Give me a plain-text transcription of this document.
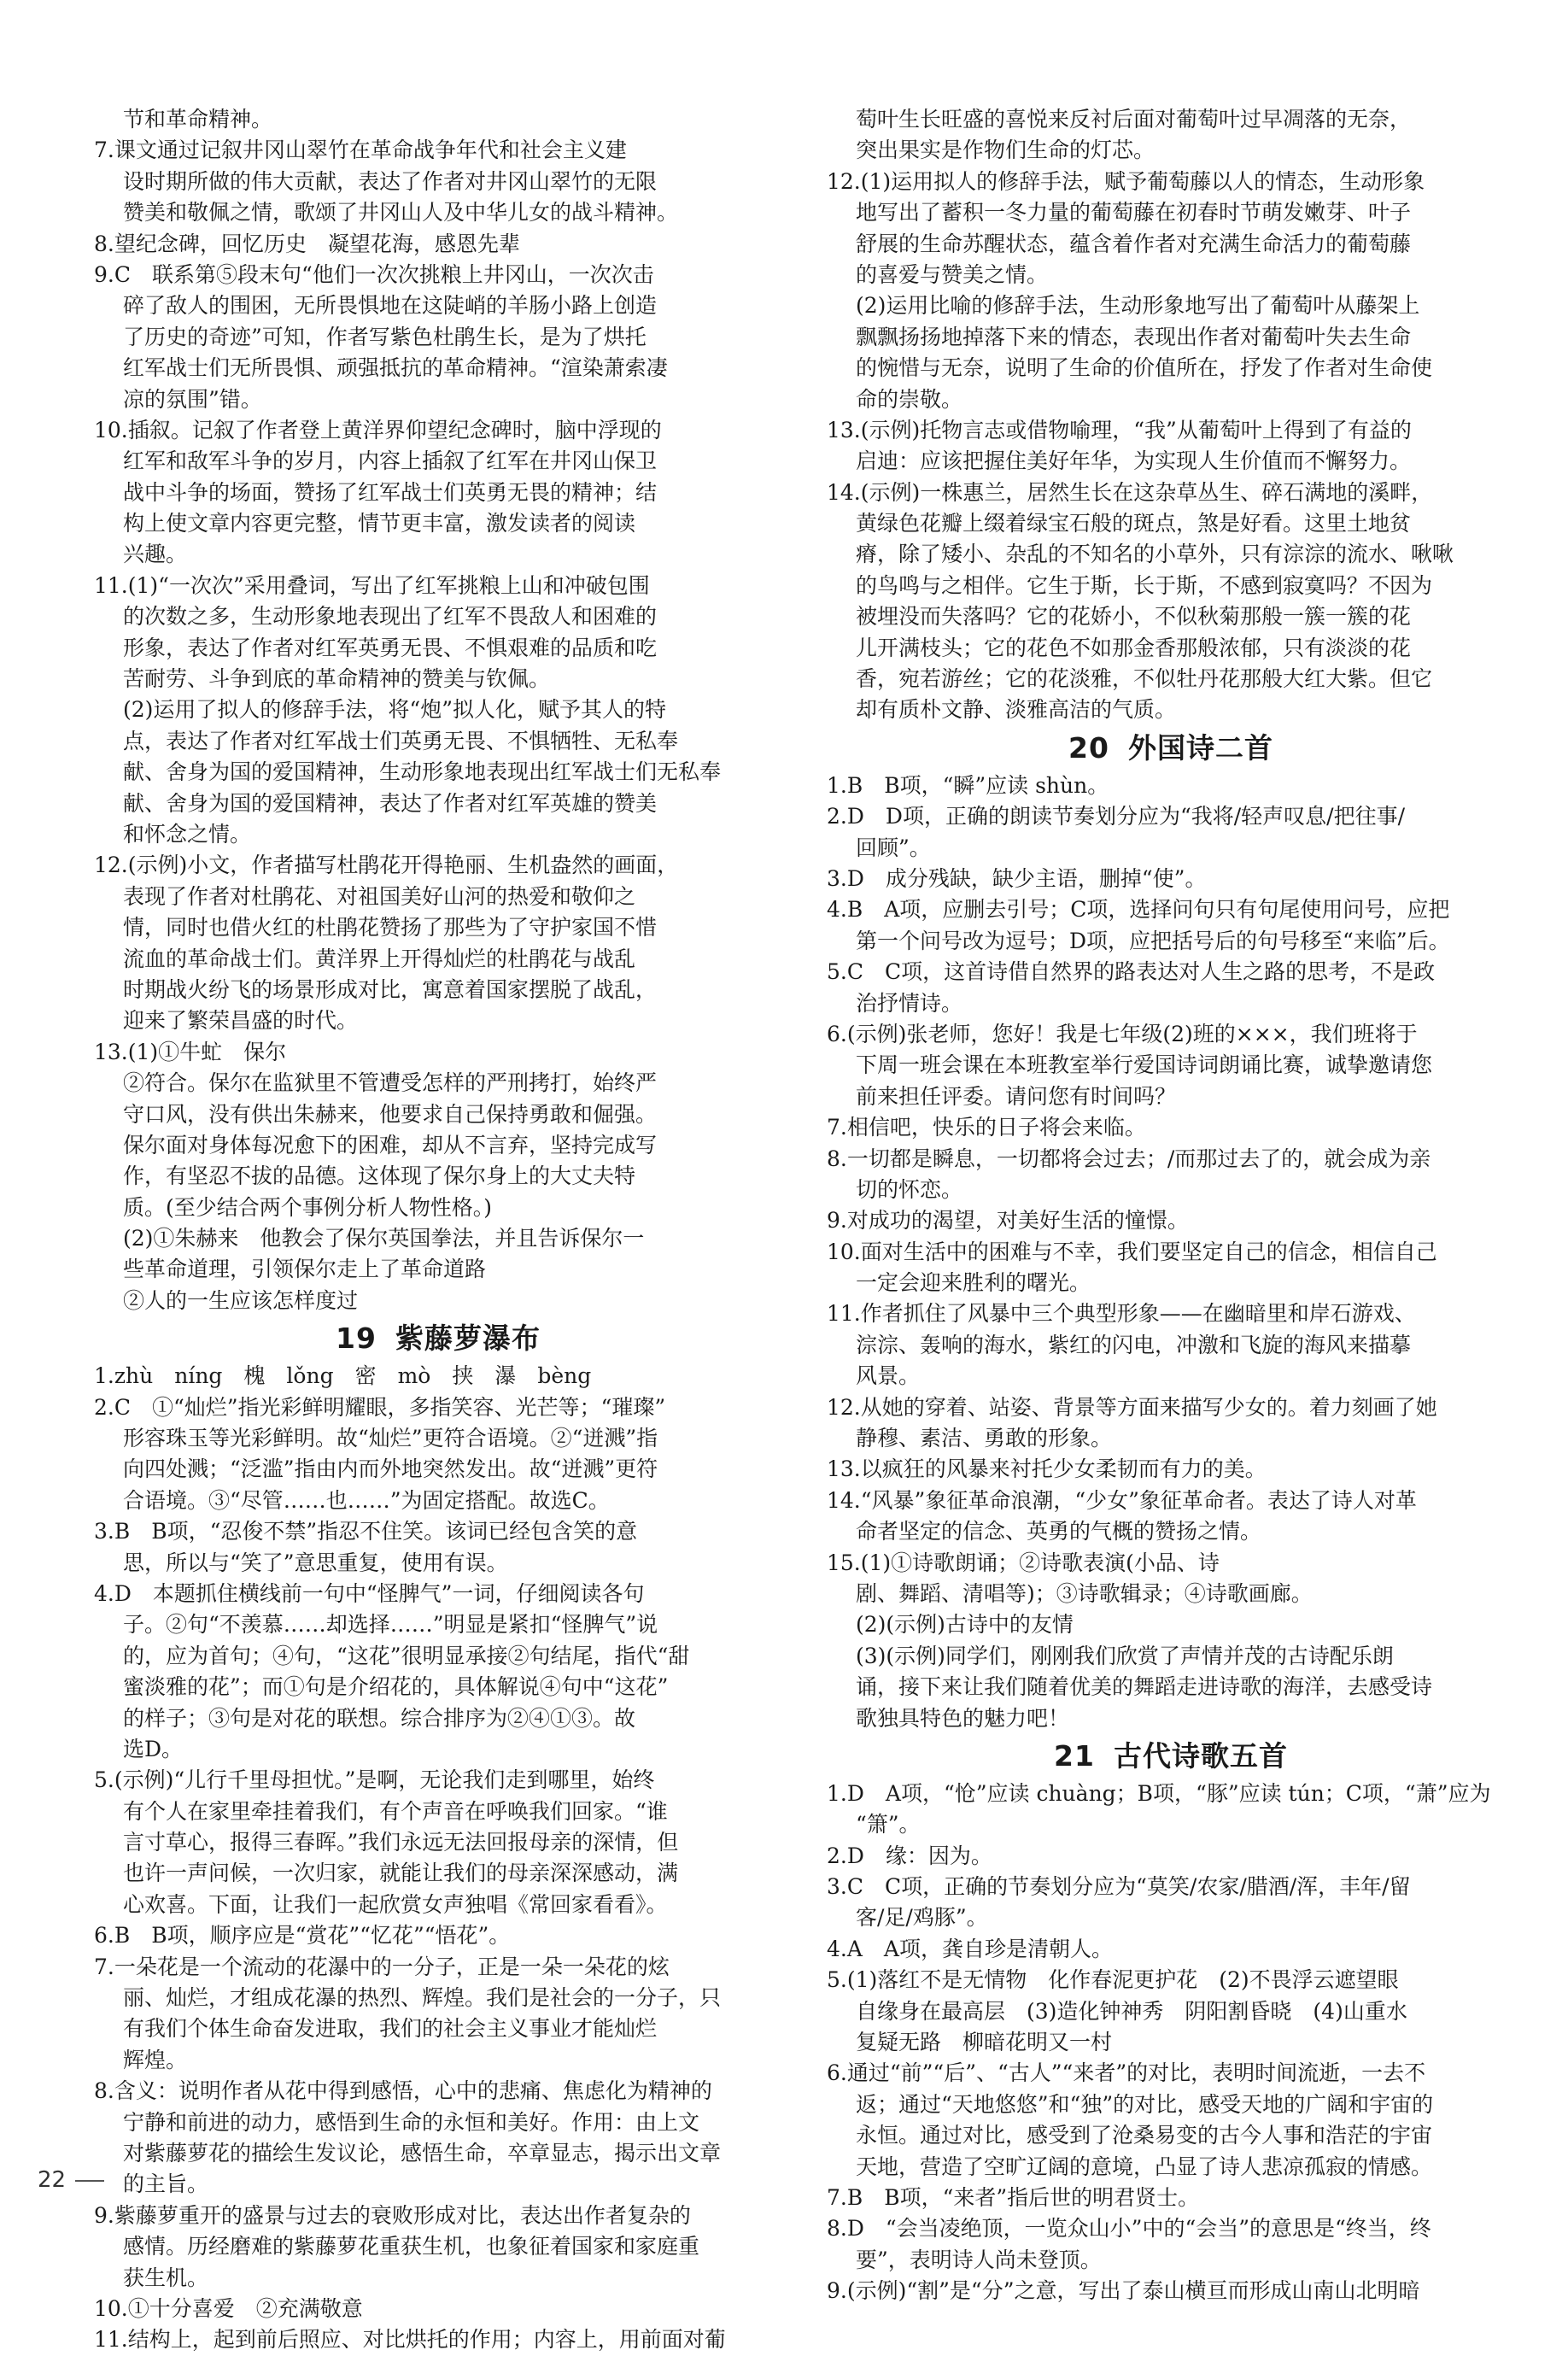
节和革命精神。
7.课文通过记叙井冈山翠竹在革命战争年代和社会主义建
设时期所做的伟大贡献，表达了作者对井冈山翠竹的无限
赞美和敬佩之情，歌颂了井冈山人及中华儿女的战斗精神。
8.望纪念碑，回忆历史　凝望花海，感恩先辈
9.C　联系第⑤段末句“他们一次次挑粮上井冈山，一次次击
碎了敌人的围困，无所畏惧地在这陡峭的羊肠小路上创造
了历史的奇迹”可知，作者写紫色杜鹃生长，是为了烘托
红军战士们无所畏惧、顽强抵抗的革命精神。“渲染萧索凄
凉的氛围”错。
10.插叙。记叙了作者登上黄洋界仰望纪念碑时，脑中浮现的
红军和敌军斗争的岁月，内容上插叙了红军在井冈山保卫
战中斗争的场面，赞扬了红军战士们英勇无畏的精神；结
构上使文章内容更完整，情节更丰富，激发读者的阅读
兴趣。
11.(1)“一次次”采用叠词，写出了红军挑粮上山和冲破包围
的次数之多，生动形象地表现出了红军不畏敌人和困难的
形象，表达了作者对红军英勇无畏、不惧艰难的品质和吃
苦耐劳、斗争到底的革命精神的赞美与钦佩。
(2)运用了拟人的修辞手法，将“炮”拟人化，赋予其人的特
点，表达了作者对红军战士们英勇无畏、不惧牺牲、无私奉
献、舍身为国的爱国精神，生动形象地表现出红军战士们无私奉
献、舍身为国的爱国精神，表达了作者对红军英雄的赞美
和怀念之情。
12.(示例)小文，作者描写杜鹃花开得艳丽、生机盎然的画面，
表现了作者对杜鹃花、对祖国美好山河的热爱和敬仰之
情，同时也借火红的杜鹃花赞扬了那些为了守护家国不惜
流血的革命战士们。黄洋界上开得灿烂的杜鹃花与战乱
时期战火纷飞的场景形成对比，寓意着国家摆脱了战乱，
迎来了繁荣昌盛的时代。
13.(1)①牛虻　保尔
②符合。保尔在监狱里不管遭受怎样的严刑拷打，始终严
守口风，没有供出朱赫来，他要求自己保持勇敢和倔强。
保尔面对身体每况愈下的困难，却从不言弃，坚持完成写
作，有坚忍不拔的品德。这体现了保尔身上的大丈夫特
质。(至少结合两个事例分析人物性格。)
(2)①朱赫来　他教会了保尔英国拳法，并且告诉保尔一
些革命道理，引领保尔走上了革命道路
②人的一生应该怎样度过
19 紫藤萝瀑布
1.zhù　níng　槐　lǒng　密　mò　挟　瀑　bèng
2.C　①“灿烂”指光彩鲜明耀眼，多指笑容、光芒等；“璀璨”
形容珠玉等光彩鲜明。故“灿烂”更符合语境。②“迸溅”指
向四处溅；“泛滥”指由内而外地突然发出。故“迸溅”更符
合语境。③“尽管……也……”为固定搭配。故选C。
3.B　B项，“忍俊不禁”指忍不住笑。该词已经包含笑的意
思，所以与“笑了”意思重复，使用有误。
4.D　本题抓住横线前一句中“怪脾气”一词，仔细阅读各句
子。②句“不羡慕……却选择……”明显是紧扣“怪脾气”说
的，应为首句；④句，“这花”很明显承接②句结尾，指代“甜
蜜淡雅的花”；而①句是介绍花的，具体解说④句中“这花”
的样子；③句是对花的联想。综合排序为②④①③。故
选D。
5.(示例)“儿行千里母担忧。”是啊，无论我们走到哪里，始终
有个人在家里牵挂着我们，有个声音在呼唤我们回家。“谁
言寸草心，报得三春晖。”我们永远无法回报母亲的深情，但
也许一声问候，一次归家，就能让我们的母亲深深感动，满
心欢喜。下面，让我们一起欣赏女声独唱《常回家看看》。
6.B　B项，顺序应是“赏花”“忆花”“悟花”。
7.一朵花是一个流动的花瀑中的一分子，正是一朵一朵花的炫
丽、灿烂，才组成花瀑的热烈、辉煌。我们是社会的一分子，只
有我们个体生命奋发进取，我们的社会主义事业才能灿烂
辉煌。
8.含义：说明作者从花中得到感悟，心中的悲痛、焦虑化为精神的
宁静和前进的动力，感悟到生命的永恒和美好。作用：由上文
对紫藤萝花的描绘生发议论，感悟生命，卒章显志，揭示出文章
的主旨。
9.紫藤萝重开的盛景与过去的衰败形成对比，表达出作者复杂的
感情。历经磨难的紫藤萝花重获生机，也象征着国家和家庭重
获生机。
10.①十分喜爱　②充满敬意
11.结构上，起到前后照应、对比烘托的作用；内容上，用前面对葡
萄叶生长旺盛的喜悦来反衬后面对葡萄叶过早凋落的无奈，
突出果实是作物们生命的灯芯。
12.(1)运用拟人的修辞手法，赋予葡萄藤以人的情态，生动形象
地写出了蓄积一冬力量的葡萄藤在初春时节萌发嫩芽、叶子
舒展的生命苏醒状态，蕴含着作者对充满生命活力的葡萄藤
的喜爱与赞美之情。
(2)运用比喻的修辞手法，生动形象地写出了葡萄叶从藤架上
飘飘扬扬地掉落下来的情态，表现出作者对葡萄叶失去生命
的惋惜与无奈，说明了生命的价值所在，抒发了作者对生命使
命的崇敬。
13.(示例)托物言志或借物喻理，“我”从葡萄叶上得到了有益的
启迪：应该把握住美好年华，为实现人生价值而不懈努力。
14.(示例)一株惠兰，居然生长在这杂草丛生、碎石满地的溪畔，
黄绿色花瓣上缀着绿宝石般的斑点，煞是好看。这里土地贫
瘠，除了矮小、杂乱的不知名的小草外，只有淙淙的流水、啾啾
的鸟鸣与之相伴。它生于斯，长于斯，不感到寂寞吗？不因为
被埋没而失落吗？它的花娇小，不似秋菊那般一簇一簇的花
儿开满枝头；它的花色不如那金香那般浓郁，只有淡淡的花
香，宛若游丝；它的花淡雅，不似牡丹花那般大红大紫。但它
却有质朴文静、淡雅高洁的气质。
20 外国诗二首
1.B　B项，“瞬”应读 shùn。
2.D　D项，正确的朗读节奏划分应为“我将/轻声叹息/把往事/
回顾”。
3.D　成分残缺，缺少主语，删掉“使”。
4.B　A项，应删去引号；C项，选择问句只有句尾使用问号，应把
第一个问号改为逗号；D项，应把括号后的句号移至“来临”后。
5.C　C项，这首诗借自然界的路表达对人生之路的思考，不是政
治抒情诗。
6.(示例)张老师，您好！我是七年级(2)班的×××，我们班将于
下周一班会课在本班教室举行爱国诗词朗诵比赛，诚挚邀请您
前来担任评委。请问您有时间吗？
7.相信吧，快乐的日子将会来临。
8.一切都是瞬息，一切都将会过去；/而那过去了的，就会成为亲
切的怀恋。
9.对成功的渴望，对美好生活的憧憬。
10.面对生活中的困难与不幸，我们要坚定自己的信念，相信自己
一定会迎来胜利的曙光。
11.作者抓住了风暴中三个典型形象——在幽暗里和岸石游戏、
淙淙、轰响的海水，紫红的闪电，冲激和飞旋的海风来描摹
风景。
12.从她的穿着、站姿、背景等方面来描写少女的。着力刻画了她
静穆、素洁、勇敢的形象。
13.以疯狂的风暴来衬托少女柔韧而有力的美。
14.“风暴”象征革命浪潮，“少女”象征革命者。表达了诗人对革
命者坚定的信念、英勇的气概的赞扬之情。
15.(1)①诗歌朗诵；②诗歌表演(小品、诗
剧、舞蹈、清唱等)；③诗歌辑录；④诗歌画廊。
(2)(示例)古诗中的友情
(3)(示例)同学们，刚刚我们欣赏了声情并茂的古诗配乐朗
诵，接下来让我们随着优美的舞蹈走进诗歌的海洋，去感受诗
歌独具特色的魅力吧！
21 古代诗歌五首
1.D　A项，“怆”应读 chuàng；B项，“豚”应读 tún；C项，“萧”应为
“箫”。
2.D　缘：因为。
3.C　C项，正确的节奏划分应为“莫笑/农家/腊酒/浑，丰年/留
客/足/鸡豚”。
4.A　A项，龚自珍是清朝人。
5.(1)落红不是无情物　化作春泥更护花　(2)不畏浮云遮望眼
自缘身在最高层　(3)造化钟神秀　阴阳割昏晓　(4)山重水
复疑无路　柳暗花明又一村
6.通过“前”“后”、“古人”“来者”的对比，表明时间流逝，一去不
返；通过“天地悠悠”和“独”的对比，感受天地的广阔和宇宙的
永恒。通过对比，感受到了沧桑易变的古今人事和浩茫的宇宙
天地，营造了空旷辽阔的意境，凸显了诗人悲凉孤寂的情感。
7.B　B项，“来者”指后世的明君贤士。
8.D　“会当凌绝顶，一览众山小”中的“会当”的意思是“终当，终
要”，表明诗人尚未登顶。
9.(示例)“割”是“分”之意，写出了泰山横亘而形成山南山北明暗
22
